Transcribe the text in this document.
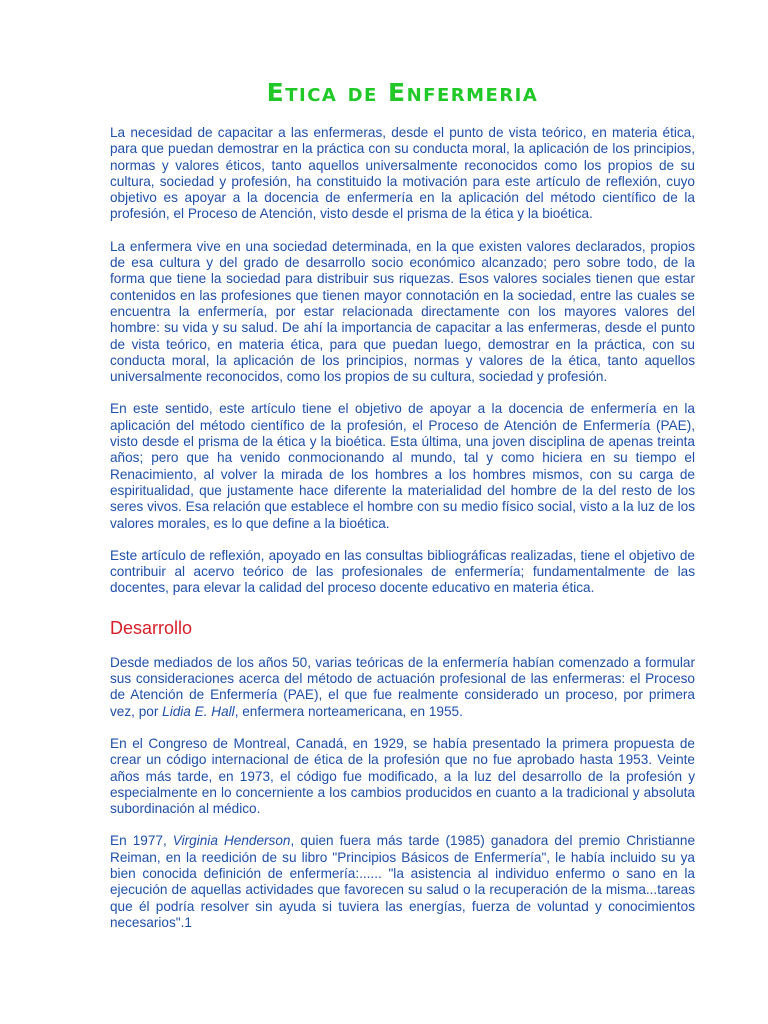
Etica de Enfermeria

La necesidad de capacitar a las enfermeras, desde el punto de vista teórico, en materia ética, para que puedan demostrar en la práctica con su conducta moral, la aplicación de los principios, normas y valores éticos, tanto aquellos universalmente reconocidos como los propios de su cultura, sociedad y profesión, ha constituido la motivación para este artículo de reflexión, cuyo objetivo es apoyar a la docencia de enfermería en la aplicación del método científico de la profesión, el Proceso de Atención, visto desde el prisma de la ética y la bioética.

La enfermera vive en una sociedad determinada, en la que existen valores declarados, propios de esa cultura y del grado de desarrollo socio económico alcanzado; pero sobre todo, de la forma que tiene la sociedad para distribuir sus riquezas. Esos valores sociales tienen que estar contenidos en las profesiones que tienen mayor connotación en la sociedad, entre las cuales se encuentra la enfermería, por estar relacionada directamente con los mayores valores del hombre: su vida y su salud. De ahí la importancia de capacitar a las enfermeras, desde el punto de vista teórico, en materia ética, para que puedan luego, demostrar en la práctica, con su conducta moral, la aplicación de los principios, normas y valores de la ética, tanto aquellos universalmente reconocidos, como los propios de su cultura, sociedad y profesión.

En este sentido, este artículo tiene el objetivo de apoyar a la docencia de enfermería en la aplicación del método científico de la profesión, el Proceso de Atención de Enfermería (PAE), visto desde el prisma de la ética y la bioética. Esta última, una joven disciplina de apenas treinta años; pero que ha venido conmocionando al mundo, tal y como hiciera en su tiempo el Renacimiento, al volver la mirada de los hombres a los hombres mismos, con su carga de espiritualidad, que justamente hace diferente la materialidad del hombre de la del resto de los seres vivos. Esa relación que establece el hombre con su medio físico social, visto a la luz de los valores morales, es lo que define a la bioética.

Este artículo de reflexión, apoyado en las consultas bibliográficas realizadas, tiene el objetivo de contribuir al acervo teórico de las profesionales de enfermería; fundamentalmente de las docentes, para elevar la calidad del proceso docente educativo en materia ética.

Desarrollo

Desde mediados de los años 50, varias teóricas de la enfermería habían comenzado a formular sus consideraciones acerca del método de actuación profesional de las enfermeras: el Proceso de Atención de Enfermería (PAE), el que fue realmente considerado un proceso, por primera vez, por Lidia E. Hall, enfermera norteamericana, en 1955.

En el Congreso de Montreal, Canadá, en 1929, se había presentado la primera propuesta de crear un código internacional de ética de la profesión que no fue aprobado hasta 1953. Veinte años más tarde, en 1973, el código fue modificado, a la luz del desarrollo de la profesión y especialmente en lo concerniente a los cambios producidos en cuanto a la tradicional y absoluta subordinación al médico.

En 1977, Virginia Henderson, quien fuera más tarde (1985) ganadora del premio Christianne Reiman, en la reedición de su libro "Principios Básicos de Enfermería", le había incluido su ya bien conocida definición de enfermería:...... "la asistencia al individuo enfermo o sano en la ejecución de aquellas actividades que favorecen su salud o la recuperación de la misma...tareas que él podría resolver sin ayuda si tuviera las energías, fuerza de voluntad y conocimientos necesarios".1
